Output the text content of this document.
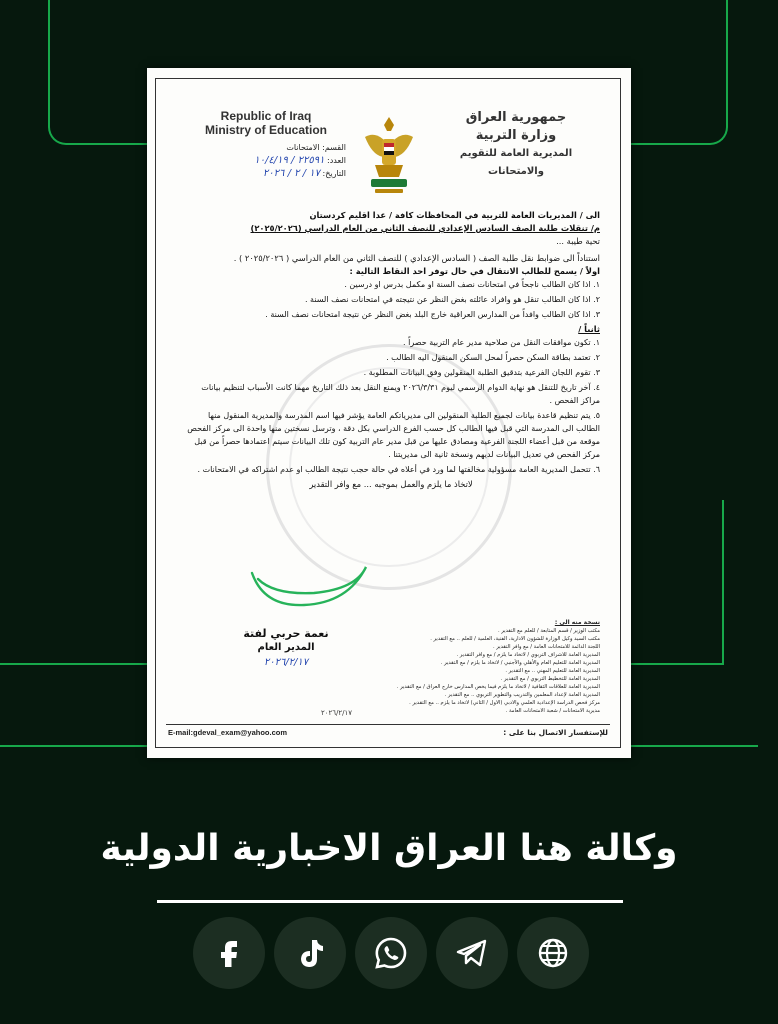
Republic of Iraq
Ministry of Education
القسم: الامتحانات
العدد: ٢٢٥٩١ / ١٠/٤/١٩
التاريخ: ١٧ / ٢ / ٢٠٢٦
جمهورية العراق
وزارة التربية
المديرية العامة للتقويم والامتحانات

الى / المديريات العامة للتربية في المحافظات كافة / عدا اقليم كردستان

م/ تنقلات طلبة الصف السادس الإعدادي للنصف الثاني من العام الدراسي (٢٠٢٥/٢٠٢٦)

تحية طيبة ...

استناداً الى ضوابط نقل طلبة الصف ( السادس الإعدادي ) للنصف الثاني من العام الدراسي ( ٢٠٢٥/٢٠٢٦ ) .

اولاً / يسمح للطالب الانتقال في حال توفر احد النقاط التالية :

١. اذا كان الطالب ناجحاً في امتحانات نصف السنة او مكمل بدرس او درسين .
٢. اذا كان الطالب تنقل هو وافراد عائلته بغض النظر عن نتيجته في امتحانات نصف السنة .
٣. اذا كان الطالب وافداً من المدارس العراقية خارج البلد بغض النظر عن نتيجة امتحانات نصف السنة .

ثانياً /

١. تكون موافقات النقل من صلاحية مدير عام التربية حصراً .
٢. تعتمد بطاقة السكن حصراً لمحل السكن المنقول اليه الطالب .
٣. تقوم اللجان الفرعية بتدقيق الطلبة المنقولين وفق البيانات المطلوبة .
٤. آخر تاريخ للتنقل هو نهاية الدوام الرسمي ليوم ٢٠٢٦/٣/٣١ ويمنع النقل بعد ذلك التاريخ مهما كانت الأسباب لتنظيم بيانات مراكز الفحص .
٥. يتم تنظيم قاعدة بيانات لجميع الطلبة المنقولين الى مديرياتكم العامة يؤشر فيها اسم المدرسة والمديرية المنقول منها الطالب الى المدرسة التي قبل فيها الطالب كل حسب الفرع الدراسي بكل دقة ، وترسل نسختين منها واحدة الى مركز الفحص موقعة من قبل أعضاء اللجنة الفرعية ومصادق عليها من قبل مدير عام التربية كون تلك البيانات سيتم اعتمادها حصراً من قبل مركز الفحص في تعديل البيانات لديهم ونسخة ثانية الى مديريتنا .
٦. تتحمل المديرية العامة مسؤولية مخالفتها لما ورد في أعلاه في حالة حجب نتيجة الطالب او عدم اشتراكه في الامتحانات .

لاتخاذ ما يلزم والعمل بموجبه ... مع وافر التقدير

نسخة منه الى :
مكتب الوزير / قسم المتابعة / للعلم مع التقدير .
مكتب السيد وكيل الوزارة للشؤون الادارية، الفنية، العلمية / للعلم .. مع التقدير .
اللجنة الدائمة للامتحانات العامة / مع وافر التقدير .
المديرية العامة للاشراف التربوي / لاتخاذ ما يلزم / مع وافر التقدير .
المديرية العامة للتعليم العام والأهلي والأجنبي / لاتخاذ ما يلزم / مع التقدير .
المديرية العامة للتعليم المهني .. مع التقدير .
المديرية العامة للتخطيط التربوي / مع التقدير .
المديرية العامة للعلاقات الثقافية / لاتخاذ ما يلزم فيما يخص المدارس خارج العراق / مع التقدير .
المديرية العامة لإعداد المعلمين والتدريب والتطوير التربوي .. مع التقدير .
مركز فحص الدراسة الإعدادية العلمي والادبي (الاول / الثاني) لاتخاذ ما يلزم .. مع التقدير .
مديرية الامتحانات / شعبة الامتحانات العامة .
نعمة حربي لفتة
المدير العام
٢٠٢٦/٢/١٧
٢٠٢٦/٢/١٧
E-mail:gdeval_exam@yahoo.com	للإستفسار الاتصال بنا على :
وكالة هنا العراق الاخبارية الدولية
